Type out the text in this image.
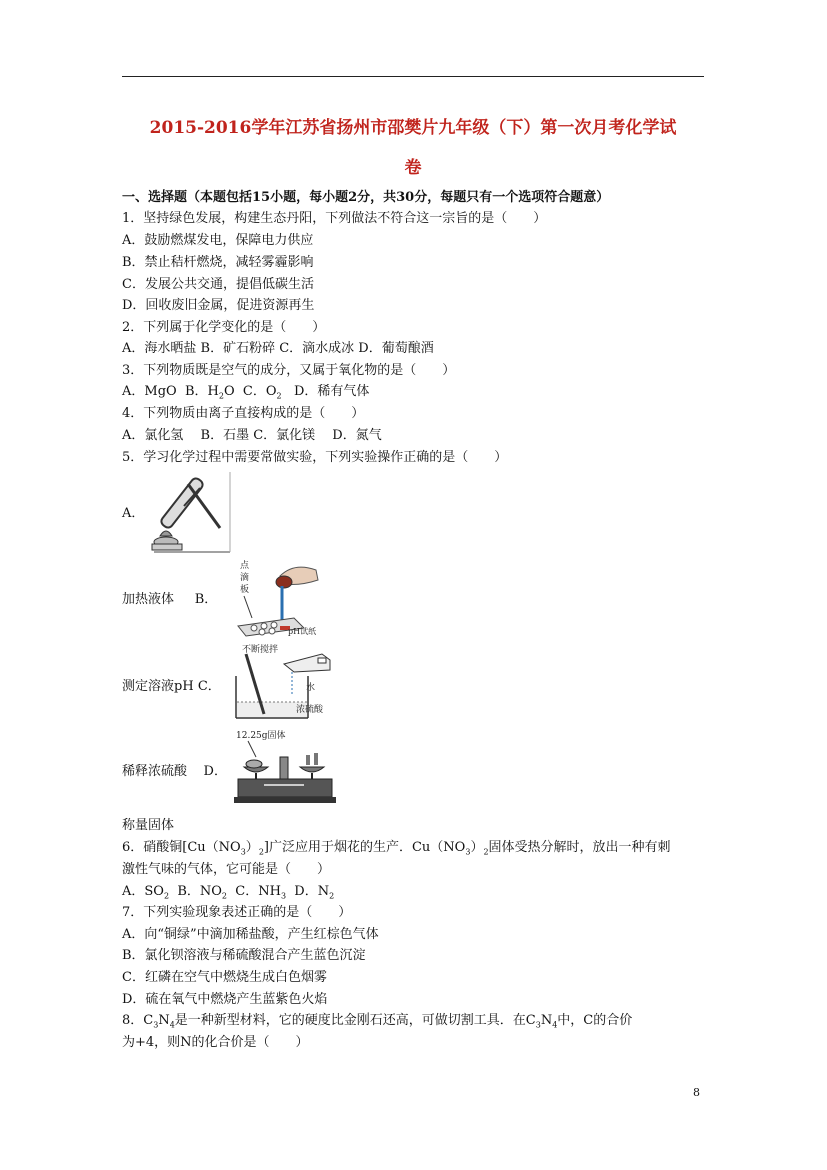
2015-2016学年江苏省扬州市邵樊片九年级（下）第一次月考化学试
卷
一、选择题（本题包括15小题，每小题2分，共30分，每题只有一个选项符合题意）
1．坚持绿色发展，构建生态丹阳，下列做法不符合这一宗旨的是（　　）
A．鼓励燃煤发电，保障电力供应
B．禁止秸杆燃烧，减轻雾霾影响
C．发展公共交通，提倡低碳生活
D．回收废旧金属，促进资源再生
2．下列属于化学变化的是（　　）
A．海水晒盐 B．矿石粉碎 C．滴水成冰 D．葡萄酿酒
3．下列物质既是空气的成分，又属于氧化物的是（　　）
A．MgO B．$H_2O$ C．$O_2$ D．稀有气体
4．下列物质由离子直接构成的是（　　）
A．氯化氢　 B．石墨 C．氯化镁　 D．氮气
5．学习化学过程中需要常做实验，下列实验操作正确的是（　　）
A．
加热液体 B．
点
滴
板
pH试纸
测定溶液pH C．
不断搅拌
水
浓硫酸
稀释浓硫酸 D．
12.25g固体
称量固体
6．硝酸铜$[Cu(NO_3)_2]$广泛应用于烟花的生产．$Cu(NO_3)_2$固体受热分解时，放出一种有刺
激性气味的气体，它可能是（　　）
A．$SO_2$ B．$NO_2$ C．$NH_3$ D．$N_2$
7．下列实验现象表述正确的是（　　）
A．向“铜绿”中滴加稀盐酸，产生红棕色气体
B．氯化钡溶液与稀硫酸混合产生蓝色沉淀
C．红磷在空气中燃烧生成白色烟雾
D．硫在氧气中燃烧产生蓝紫色火焰
8．$C_3N_4$是一种新型材料，它的硬度比金刚石还高，可做切割工具．在$C_3N_4$中，C的合价
为+4，则N的化合价是（　　）
8
